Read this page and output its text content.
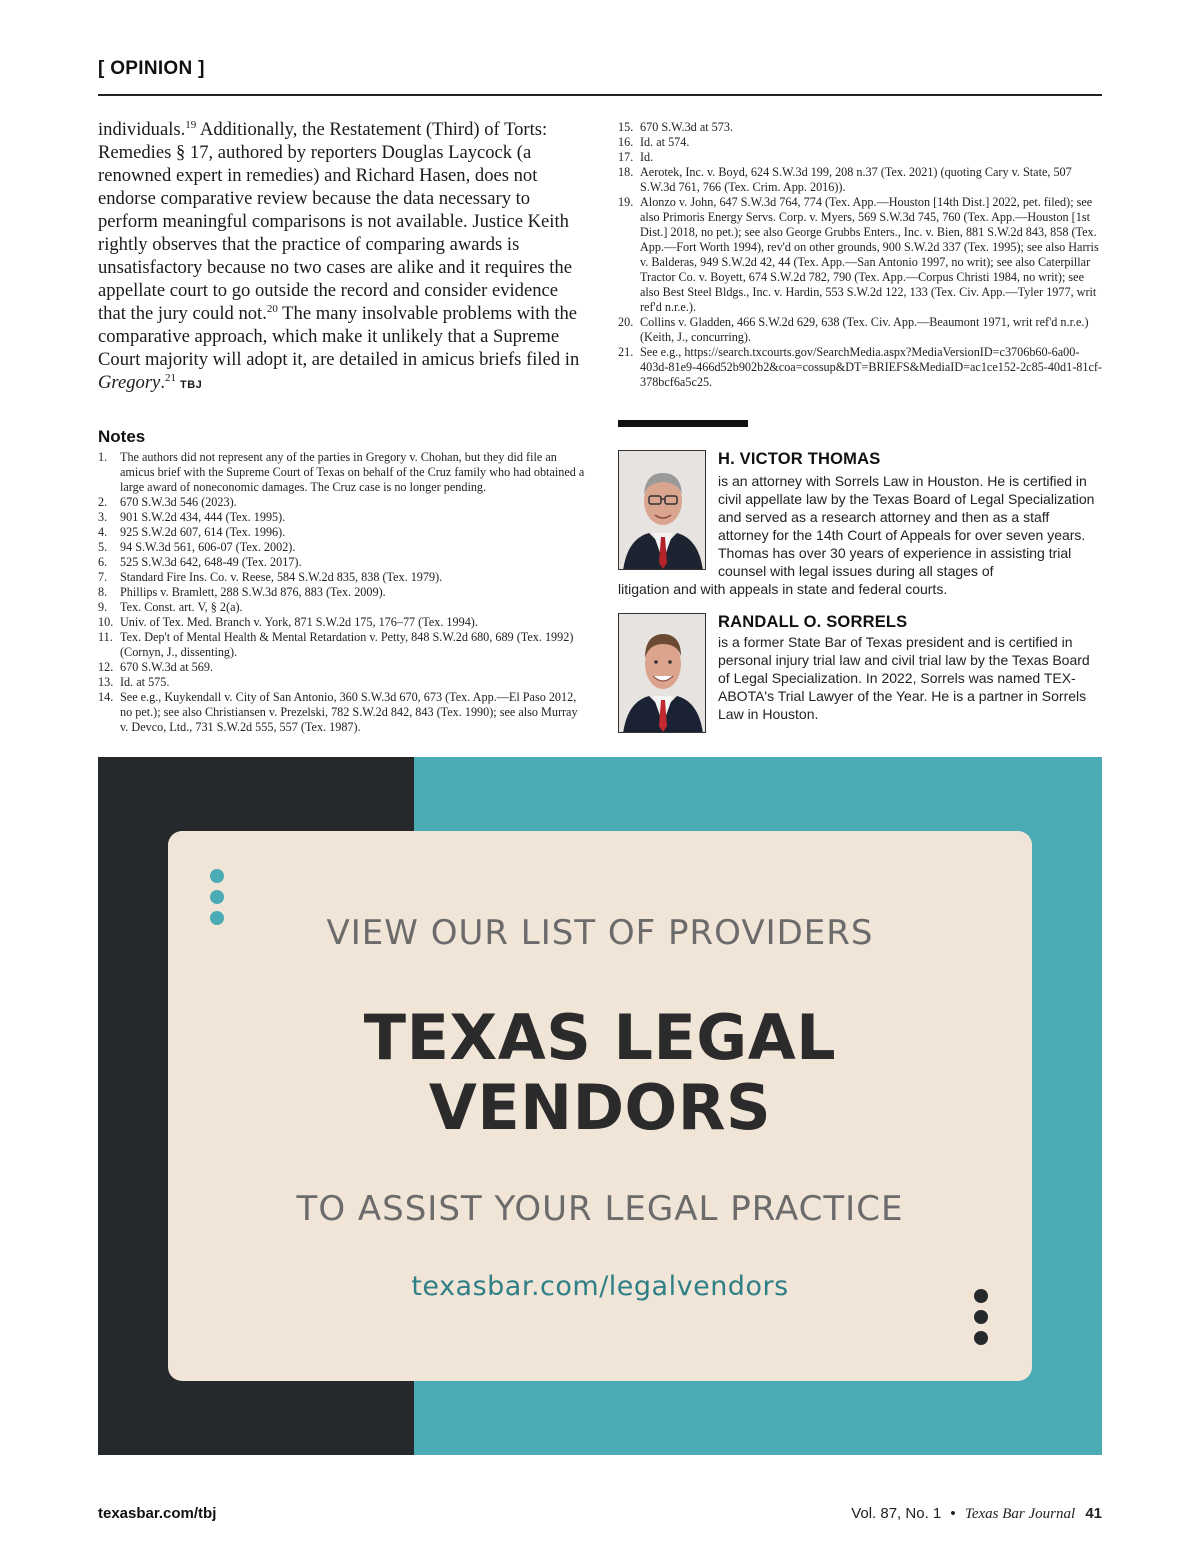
[ OPINION ]

individuals.$^{19}$ Additionally, the Restatement (Third) of Torts: Remedies § 17, authored by reporters Douglas Laycock (a renowned expert in remedies) and Richard Hasen, does not endorse comparative review because the data necessary to perform meaningful comparisons is not available. Justice Keith rightly observes that the practice of comparing awards is unsatisfactory because no two cases are alike and it requires the appellate court to go outside the record and consider evidence that the jury could not.$^{20}$ The many insolvable problems with the comparative approach, which make it unlikely that a Supreme Court majority will adopt it, are detailed in amicus briefs filed in Gregory.$^{21}$TBJ

Notes
1. The authors did not represent any of the parties in Gregory v. Chohan, but they did file an amicus brief with the Supreme Court of Texas on behalf of the Cruz family who had obtained a large award of noneconomic damages. The Cruz case is no longer pending.
2. 670 S.W.3d 546 (2023).
3. 901 S.W.2d 434, 444 (Tex. 1995).
4. 925 S.W.2d 607, 614 (Tex. 1996).
5. 94 S.W.3d 561, 606-07 (Tex. 2002).
6. 525 S.W.3d 642, 648-49 (Tex. 2017).
7. Standard Fire Ins. Co. v. Reese, 584 S.W.2d 835, 838 (Tex. 1979).
8. Phillips v. Bramlett, 288 S.W.3d 876, 883 (Tex. 2009).
9. Tex. Const. art. V, § 2(a).
10. Univ. of Tex. Med. Branch v. York, 871 S.W.2d 175, 176–77 (Tex. 1994).
11. Tex. Dep't of Mental Health & Mental Retardation v. Petty, 848 S.W.2d 680, 689 (Tex. 1992) (Cornyn, J., dissenting).
12. 670 S.W.3d at 569.
13. Id. at 575.
14. See e.g., Kuykendall v. City of San Antonio, 360 S.W.3d 670, 673 (Tex. App.—El Paso 2012, no pet.); see also Christiansen v. Prezelski, 782 S.W.2d 842, 843 (Tex. 1990); see also Murray v. Devco, Ltd., 731 S.W.2d 555, 557 (Tex. 1987).
15. 670 S.W.3d at 573.
16. Id. at 574.
17. Id.
18. Aerotek, Inc. v. Boyd, 624 S.W.3d 199, 208 n.37 (Tex. 2021) (quoting Cary v. State, 507 S.W.3d 761, 766 (Tex. Crim. App. 2016)).
19. Alonzo v. John, 647 S.W.3d 764, 774 (Tex. App.—Houston [14th Dist.] 2022, pet. filed); see also Primoris Energy Servs. Corp. v. Myers, 569 S.W.3d 745, 760 (Tex. App.—Houston [1st Dist.] 2018, no pet.); see also George Grubbs Enters., Inc. v. Bien, 881 S.W.2d 843, 858 (Tex. App.—Fort Worth 1994), rev'd on other grounds, 900 S.W.2d 337 (Tex. 1995); see also Harris v. Balderas, 949 S.W.2d 42, 44 (Tex. App.—San Antonio 1997, no writ); see also Caterpillar Tractor Co. v. Boyett, 674 S.W.2d 782, 790 (Tex. App.—Corpus Christi 1984, no writ); see also Best Steel Bldgs., Inc. v. Hardin, 553 S.W.2d 122, 133 (Tex. Civ. App.—Tyler 1977, writ ref'd n.r.e.).
20. Collins v. Gladden, 466 S.W.2d 629, 638 (Tex. Civ. App.—Beaumont 1971, writ ref'd n.r.e.) (Keith, J., concurring).
21. See e.g., https://search.txcourts.gov/SearchMedia.aspx?MediaVersionID=c3706b60-6a00-403d-81e9-466d52b902b2&coa=cossup&DT=BRIEFS&MediaID=ac1ce152-2c85-40d1-81cf-378bcf6a5c25.
H. VICTOR THOMAS
is an attorney with Sorrels Law in Houston. He is certified in civil appellate law by the Texas Board of Legal Specialization and served as a research attorney and then as a staff attorney for the 14th Court of Appeals for over seven years. Thomas has over 30 years of experience in assisting trial counsel with legal issues during all stages of
litigation and with appeals in state and federal courts.
RANDALL O. SORRELS
is a former State Bar of Texas president and is certified in personal injury trial law and civil trial law by the Texas Board of Legal Specialization. In 2022, Sorrels was named TEX-ABOTA's Trial Lawyer of the Year. He is a partner in Sorrels Law in Houston.
VIEW OUR LIST OF PROVIDERS
TEXAS LEGAL
VENDORS
TO ASSIST YOUR LEGAL PRACTICE
texasbar.com/legalvendors
texasbar.com/tbj	Vol. 87, No. 1 • Texas Bar Journal 41
